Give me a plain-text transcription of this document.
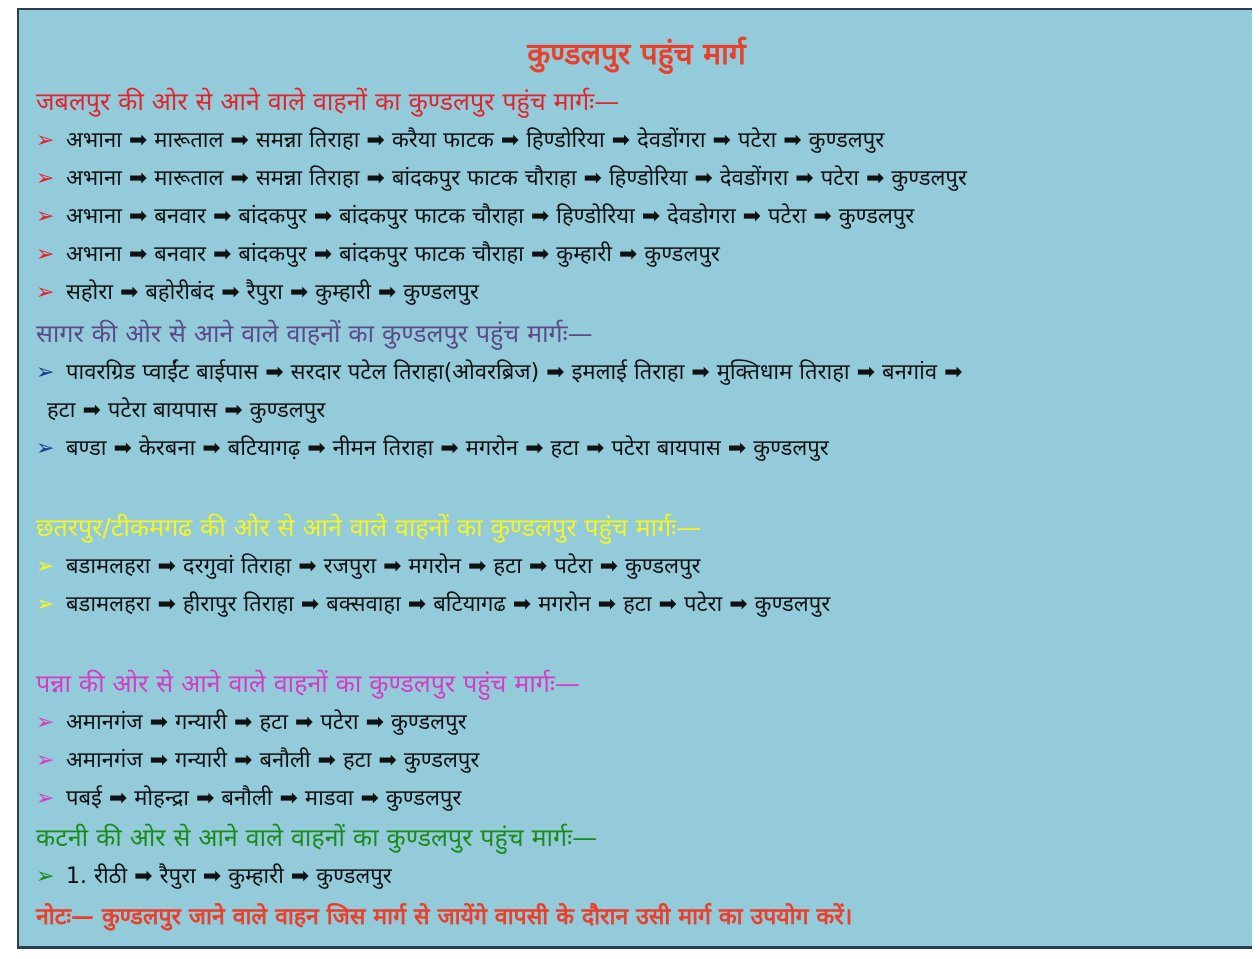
कुण्डलपुर पहुंच मार्ग
जबलपुर की ओर से आने वाले वाहनों का कुण्डलपुर पहुंच मार्गः—
➢ अभाना ➡ मारूताल ➡ समन्ना तिराहा ➡ करैया फाटक ➡ हिण्डोरिया ➡ देवडोंगरा ➡ पटेरा ➡ कुण्डलपुर
➢ अभाना ➡ मारूताल ➡ समन्ना तिराहा ➡ बांदकपुर फाटक चौराहा ➡ हिण्डोरिया ➡ देवडोंगरा ➡ पटेरा ➡ कुण्डलपुर
➢ अभाना ➡ बनवार ➡ बांदकपुर ➡ बांदकपुर फाटक चौराहा ➡ हिण्डोरिया ➡ देवडोगरा ➡ पटेरा ➡ कुण्डलपुर
➢ अभाना ➡ बनवार ➡ बांदकपुर ➡ बांदकपुर फाटक चौराहा ➡ कुम्हारी ➡ कुण्डलपुर
➢ सहोरा ➡ बहोरीबंद ➡ रैपुरा ➡ कुम्हारी ➡ कुण्डलपुर
सागर की ओर से आने वाले वाहनों का कुण्डलपुर पहुंच मार्गः—
➢ पावरग्रिड प्वाईंट बाईपास ➡ सरदार पटेल तिराहा(ओवरब्रिज) ➡ इमलाई तिराहा ➡ मुक्तिधाम तिराहा ➡ बनगांव ➡
हटा ➡ पटेरा बायपास ➡ कुण्डलपुर
➢ बण्डा ➡ केरबना ➡ बटियागढ़ ➡ नीमन तिराहा ➡ मगरोन ➡ हटा ➡ पटेरा बायपास ➡ कुण्डलपुर
छतरपुर/टीकमगढ की ओर से आने वाले वाहनों का कुण्डलपुर पहुंच मार्गः—
➢ बडामलहरा ➡ दरगुवां तिराहा ➡ रजपुरा ➡ मगरोन ➡ हटा ➡ पटेरा ➡ कुण्डलपुर
➢ बडामलहरा ➡ हीरापुर तिराहा ➡ बक्सवाहा ➡ बटियागढ ➡ मगरोन ➡ हटा ➡ पटेरा ➡ कुण्डलपुर
पन्ना की ओर से आने वाले वाहनों का कुण्डलपुर पहुंच मार्गः—
➢ अमानगंज ➡ गन्यारी ➡ हटा ➡ पटेरा ➡ कुण्डलपुर
➢ अमानगंज ➡ गन्यारी ➡ बनौली ➡ हटा ➡ कुण्डलपुर
➢ पबई ➡ मोहन्द्रा ➡ बनौली ➡ माडवा ➡ कुण्डलपुर
कटनी की ओर से आने वाले वाहनों का कुण्डलपुर पहुंच मार्गः—
➢ 1. रीठी ➡ रैपुरा ➡ कुम्हारी ➡ कुण्डलपुर
नोटः— कुण्डलपुर जाने वाले वाहन जिस मार्ग से जायेंगे वापसी के दौरान उसी मार्ग का उपयोग करें।
